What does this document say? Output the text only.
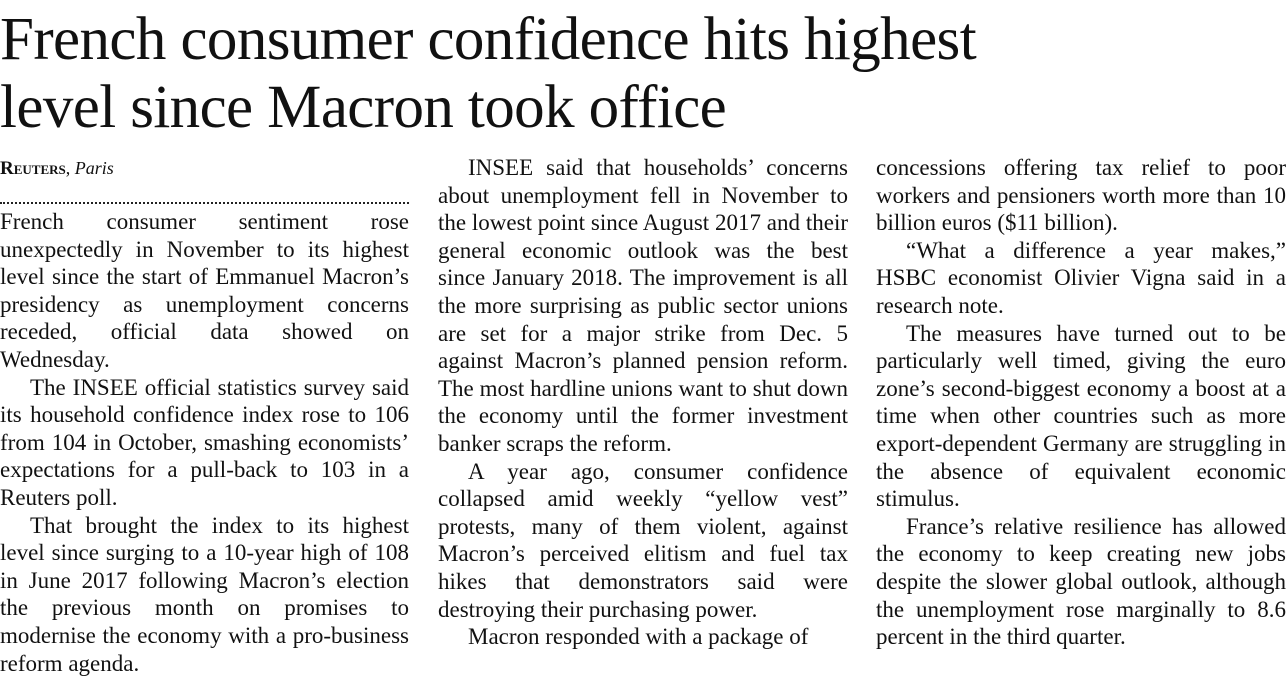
French consumer confidence hits highest
level since Macron took office
Reuters, Paris

French consumer sentiment rose unexpectedly in November to its highest level since the start of Emmanuel Macron’s presidency as unemployment concerns receded, official data showed on Wednesday.

The INSEE official statistics survey said its household confidence index rose to 106 from 104 in October, smashing economists’ expectations for a pull-back to 103 in a Reuters poll.

That brought the index to its highest level since surging to a 10-year high of 108 in June 2017 following Macron’s election the previous month on promises to modernise the economy with a pro-business reform agenda.

INSEE said that households’ concerns about unemployment fell in November to the lowest point since August 2017 and their general economic outlook was the best since January 2018. The improvement is all the more surprising as public sector unions are set for a major strike from Dec. 5 against Macron’s planned pension reform. The most hardline unions want to shut down the economy until the former investment banker scraps the reform.

A year ago, consumer confidence collapsed amid weekly “yellow vest” protests, many of them violent, against Macron’s perceived elitism and fuel tax hikes that demonstrators said were destroying their purchasing power.

Macron responded with a package of

concessions offering tax relief to poor workers and pensioners worth more than 10 billion euros ($11 billion).

“What a difference a year makes,” HSBC economist Olivier Vigna said in a research note.

The measures have turned out to be particularly well timed, giving the euro zone’s second-biggest economy a boost at a time when other countries such as more export-dependent Germany are struggling in the absence of equivalent economic stimulus.

France’s relative resilience has allowed the economy to keep creating new jobs despite the slower global outlook, although the unemployment rose marginally to 8.6 percent in the third quarter.
